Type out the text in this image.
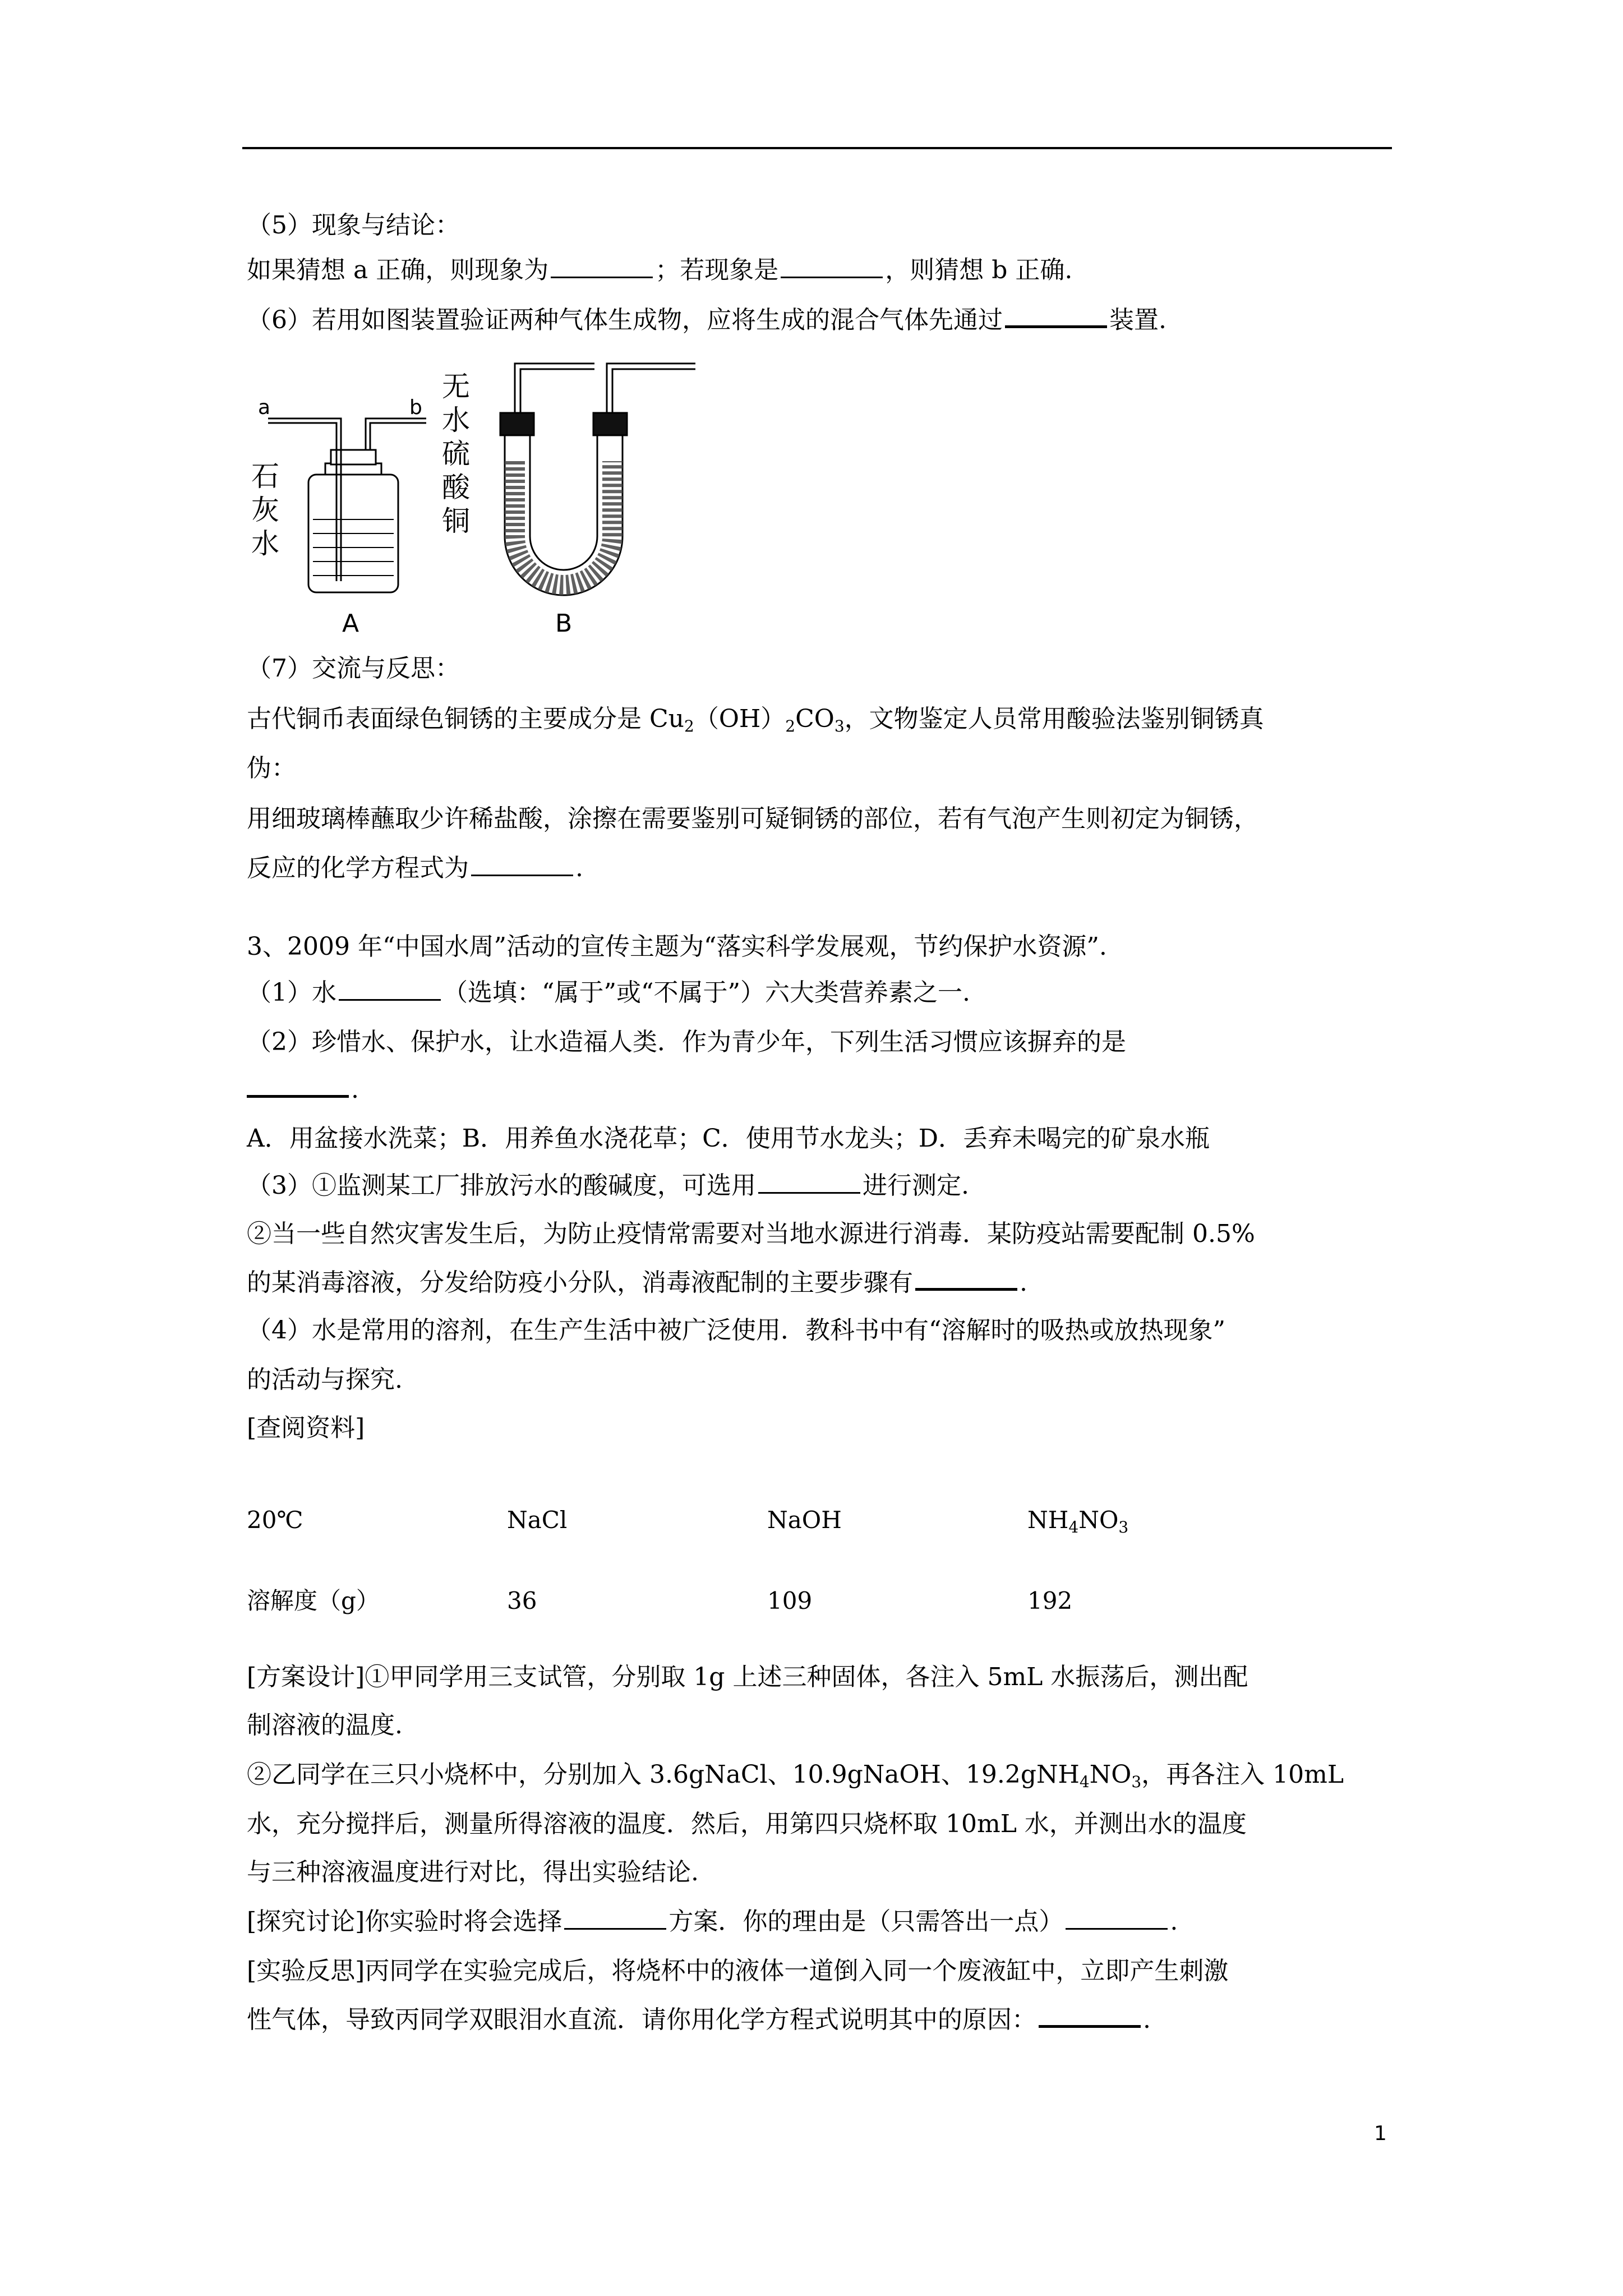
（5）现象与结论：
如果猜想 a 正确，则现象为	；若现象是	，则猜想 b 正确.
（6）若用如图装置验证两种气体生成物，应将生成的混合气体先通过	装置.
a	b
石
灰
水
A
无
水
硫
酸
铜
B
（7）交流与反思：
古代铜币表面绿色铜锈的主要成分是 $Cu_2(OH)_2CO_3$，文物鉴定人员常用酸验法鉴别铜锈真
伪：
用细玻璃棒蘸取少许稀盐酸，涂擦在需要鉴别可疑铜锈的部位，若有气泡产生则初定为铜锈，
反应的化学方程式为	.
3、2009 年“中国水周”活动的宣传主题为“落实科学发展观，节约保护水资源”.
（1）水	（选填：“属于”或“不属于”）六大类营养素之一.
（2）珍惜水、保护水，让水造福人类．作为青少年，下列生活习惯应该摒弃的是
.
A．用盆接水洗菜；B．用养鱼水浇花草；C．使用节水龙头；D．丢弃未喝完的矿泉水瓶
（3）①监测某工厂排放污水的酸碱度，可选用	进行测定.
②当一些自然灾害发生后，为防止疫情常需要对当地水源进行消毒．某防疫站需要配制 0.5%
的某消毒溶液，分发给防疫小分队，消毒液配制的主要步骤有	.
（4）水是常用的溶剂，在生产生活中被广泛使用．教科书中有“溶解时的吸热或放热现象”
的活动与探究.
[查阅资料]
20℃	NaCl	NaOH	$NH_4NO_3$
溶解度（g）	36	109	192
[方案设计]①甲同学用三支试管，分别取 1g 上述三种固体，各注入 5mL 水振荡后，测出配
制溶液的温度.
②乙同学在三只小烧杯中，分别加入 3.6gNaCl、10.9gNaOH、$19.2gNH_4NO_3$，再各注入 10mL
水，充分搅拌后，测量所得溶液的温度．然后，用第四只烧杯取 10mL 水，并测出水的温度
与三种溶液温度进行对比，得出实验结论.
[探究讨论]你实验时将会选择	方案．你的理由是（只需答出一点）	.
[实验反思]丙同学在实验完成后，将烧杯中的液体一道倒入同一个废液缸中，立即产生刺激
性气体，导致丙同学双眼泪水直流．请你用化学方程式说明其中的原因：	.
1
